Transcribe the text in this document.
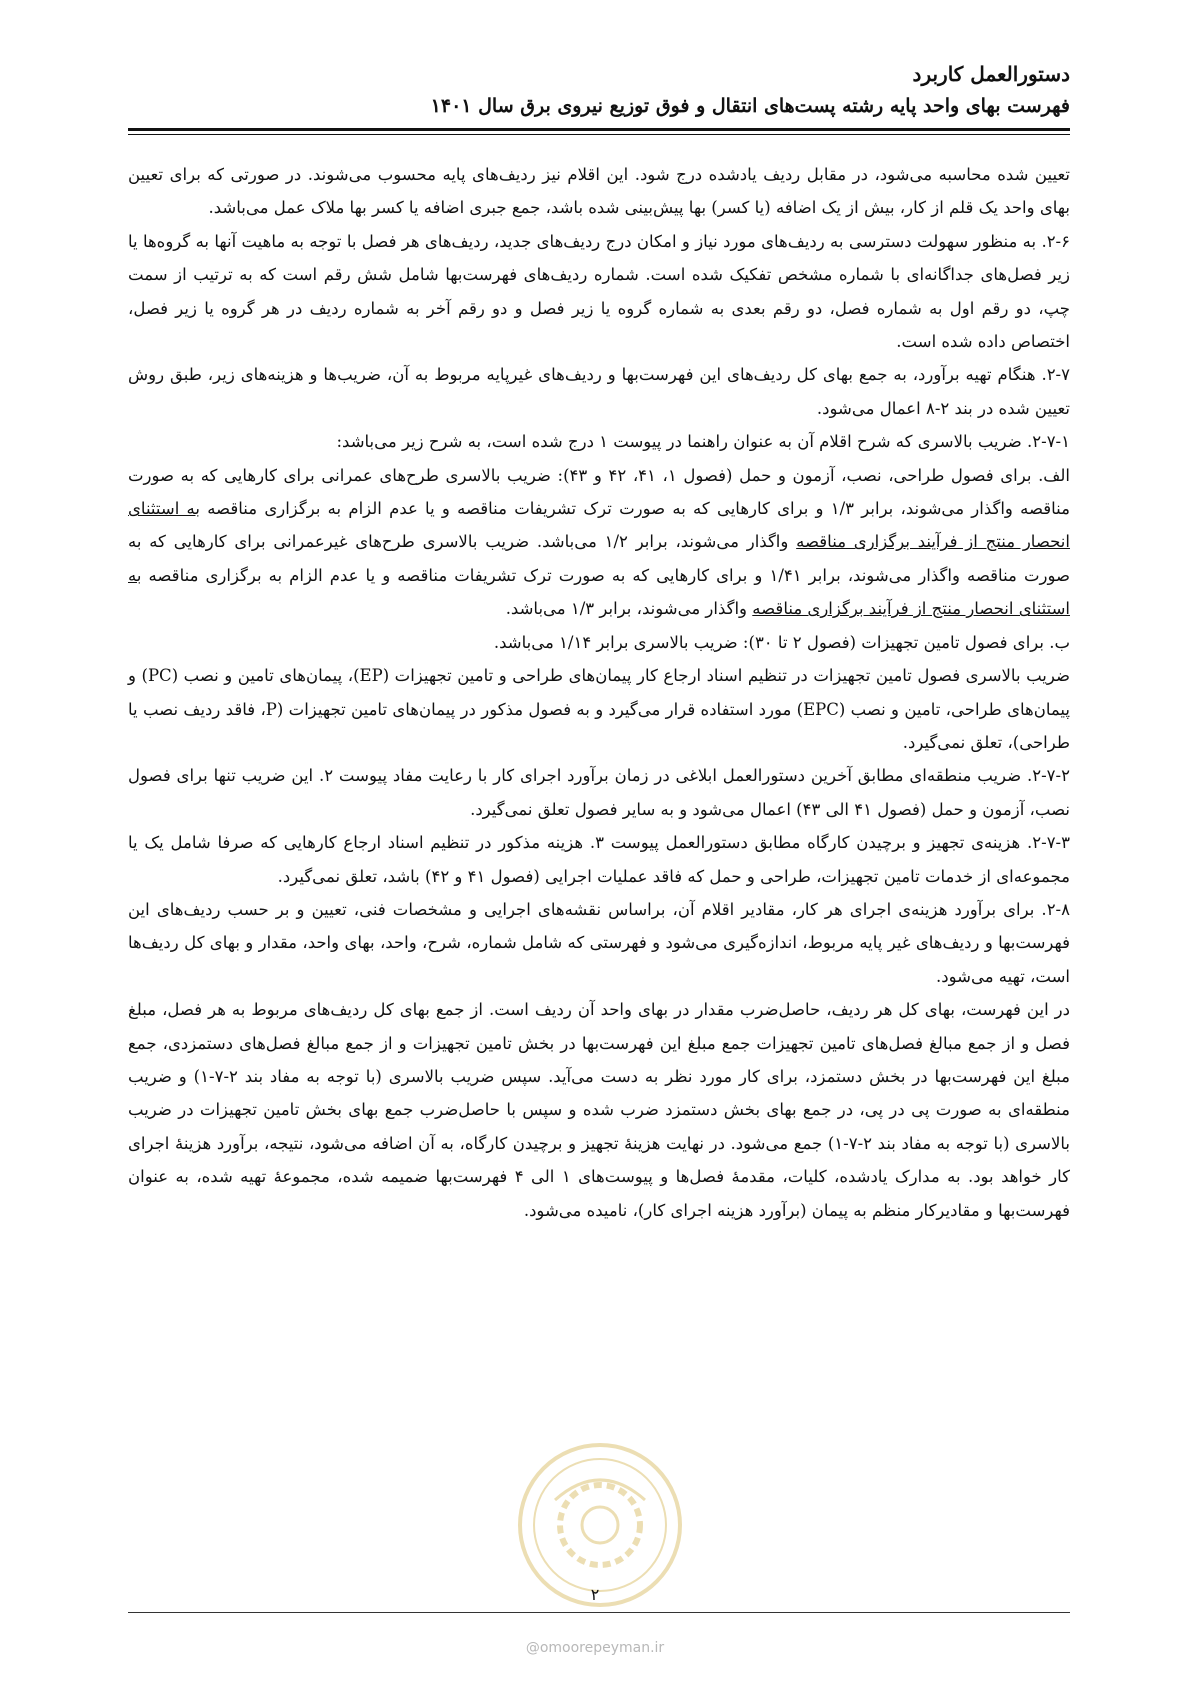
دستورالعمل کاربرد
فهرست بهای واحد پایه رشته پست‌های انتقال و فوق توزیع نیروی برق سال ۱۴۰۱

تعیین شده محاسبه می‌شود، در مقابل ردیف یادشده درج شود. این اقلام نیز ردیف‌های پایه محسوب می‌شوند. در صورتی که برای تعیین بهای واحد یک قلم از کار، بیش از یک اضافه (یا کسر) بها پیش‌بینی شده باشد، جمع جبری اضافه یا کسر بها ملاک عمل می‌باشد.

۲-۶. به منظور سهولت دسترسی به ردیف‌های مورد نیاز و امکان درج ردیف‌های جدید، ردیف‌های هر فصل با توجه به ماهیت آنها به گروه‌ها یا زیر فصل‌های جداگانه‌ای با شماره مشخص تفکیک شده است. شماره ردیف‌های فهرست‌بها شامل شش رقم است که به ترتیب از سمت چپ، دو رقم اول به شماره فصل، دو رقم بعدی به شماره گروه یا زیر فصل و دو رقم آخر به شماره ردیف در هر گروه یا زیر فصل، اختصاص داده شده است.

۲-۷. هنگام تهیه برآورد، به جمع بهای کل ردیف‌های این فهرست‌بها و ردیف‌های غیرپایه مربوط به آن، ضریب‌ها و هزینه‌های زیر، طبق روش تعیین شده در بند ۲-۸ اعمال می‌شود.

۲-۷-۱. ضریب بالاسری که شرح اقلام آن به عنوان راهنما در پیوست ۱ درج شده است، به شرح زیر می‌باشد:

الف. برای فصول طراحی، نصب، آزمون و حمل (فصول ۱، ۴۱، ۴۲ و ۴۳): ضریب بالاسری طرح‌های عمرانی برای کارهایی که به صورت مناقصه واگذار می‌شوند، برابر ۱/۳ و برای کارهایی که به صورت ترک تشریفات مناقصه و یا عدم الزام به برگزاری مناقصه به استثنای انحصار منتج از فرآیند برگزاری مناقصه واگذار می‌شوند، برابر ۱/۲ می‌باشد. ضریب بالاسری طرح‌های غیرعمرانی برای کارهایی که به صورت مناقصه واگذار می‌شوند، برابر ۱/۴۱ و برای کارهایی که به صورت ترک تشریفات مناقصه و یا عدم الزام به برگزاری مناقصه به استثنای انحصار منتج از فرآیند برگزاری مناقصه واگذار می‌شوند، برابر ۱/۳ می‌باشد.

ب. برای فصول تامین تجهیزات (فصول ۲ تا ۳۰): ضریب بالاسری برابر ۱/۱۴ می‌باشد.

ضریب بالاسری فصول تامین تجهیزات در تنظیم اسناد ارجاع کار پیمان‌های طراحی و تامین تجهیزات (EP)، پیمان‌های تامین و نصب (PC) و پیمان‌های طراحی، تامین و نصب (EPC) مورد استفاده قرار می‌گیرد و به فصول مذکور در پیمان‌های تامین تجهیزات (P، فاقد ردیف نصب یا طراحی)، تعلق نمی‌گیرد.

۲-۷-۲. ضریب منطقه‌ای مطابق آخرین دستورالعمل ابلاغی در زمان برآورد اجرای کار با رعایت مفاد پیوست ۲. این ضریب تنها برای فصول نصب، آزمون و حمل (فصول ۴۱ الی ۴۳) اعمال می‌شود و به سایر فصول تعلق نمی‌گیرد.

۲-۷-۳. هزینه‌ی تجهیز و برچیدن کارگاه مطابق دستورالعمل پیوست ۳. هزینه مذکور در تنظیم اسناد ارجاع کارهایی که صرفا شامل یک یا مجموعه‌ای از خدمات تامین تجهیزات، طراحی و حمل که فاقد عملیات اجرایی (فصول ۴۱ و ۴۲) باشد، تعلق نمی‌گیرد.

۲-۸. برای برآورد هزینه‌ی اجرای هر کار، مقادیر اقلام آن، براساس نقشه‌های اجرایی و مشخصات فنی، تعیین و بر حسب ردیف‌های این فهرست‌بها و ردیف‌های غیر پایه مربوط، اندازه‌گیری می‌شود و فهرستی که شامل شماره، شرح، واحد، بهای واحد، مقدار و بهای کل ردیف‌ها است، تهیه می‌شود.

در این فهرست، بهای کل هر ردیف، حاصل‌ضرب مقدار در بهای واحد آن ردیف است. از جمع بهای کل ردیف‌های مربوط به هر فصل، مبلغ فصل و از جمع مبالغ فصل‌های تامین تجهیزات جمع مبلغ این فهرست‌بها در بخش تامین تجهیزات و از جمع مبالغ فصل‌های دستمزدی، جمع مبلغ این فهرست‌بها در بخش دستمزد، برای کار مورد نظر به دست می‌آید. سپس ضریب بالاسری (با توجه به مفاد بند ۲-۷-۱) و ضریب منطقه‌ای به صورت پی در پی، در جمع بهای بخش دستمزد ضرب شده و سپس با حاصل‌ضرب جمع بهای بخش تامین تجهیزات در ضریب بالاسری (با توجه به مفاد بند ۲-۷-۱) جمع می‌شود. در نهایت هزینهٔ تجهیز و برچیدن کارگاه، به آن اضافه می‌شود، نتیجه، برآورد هزینهٔ اجرای کار خواهد بود. به مدارک یادشده، کلیات، مقدمهٔ فصل‌ها و پیوست‌های ۱ الی ۴ فهرست‌بها ضمیمه شده، مجموعهٔ تهیه شده، به عنوان فهرست‌بها و مقادیرکار منظم به پیمان (برآورد هزینه اجرای کار)، نامیده می‌شود.

۲
@omoorepeyman.ir
